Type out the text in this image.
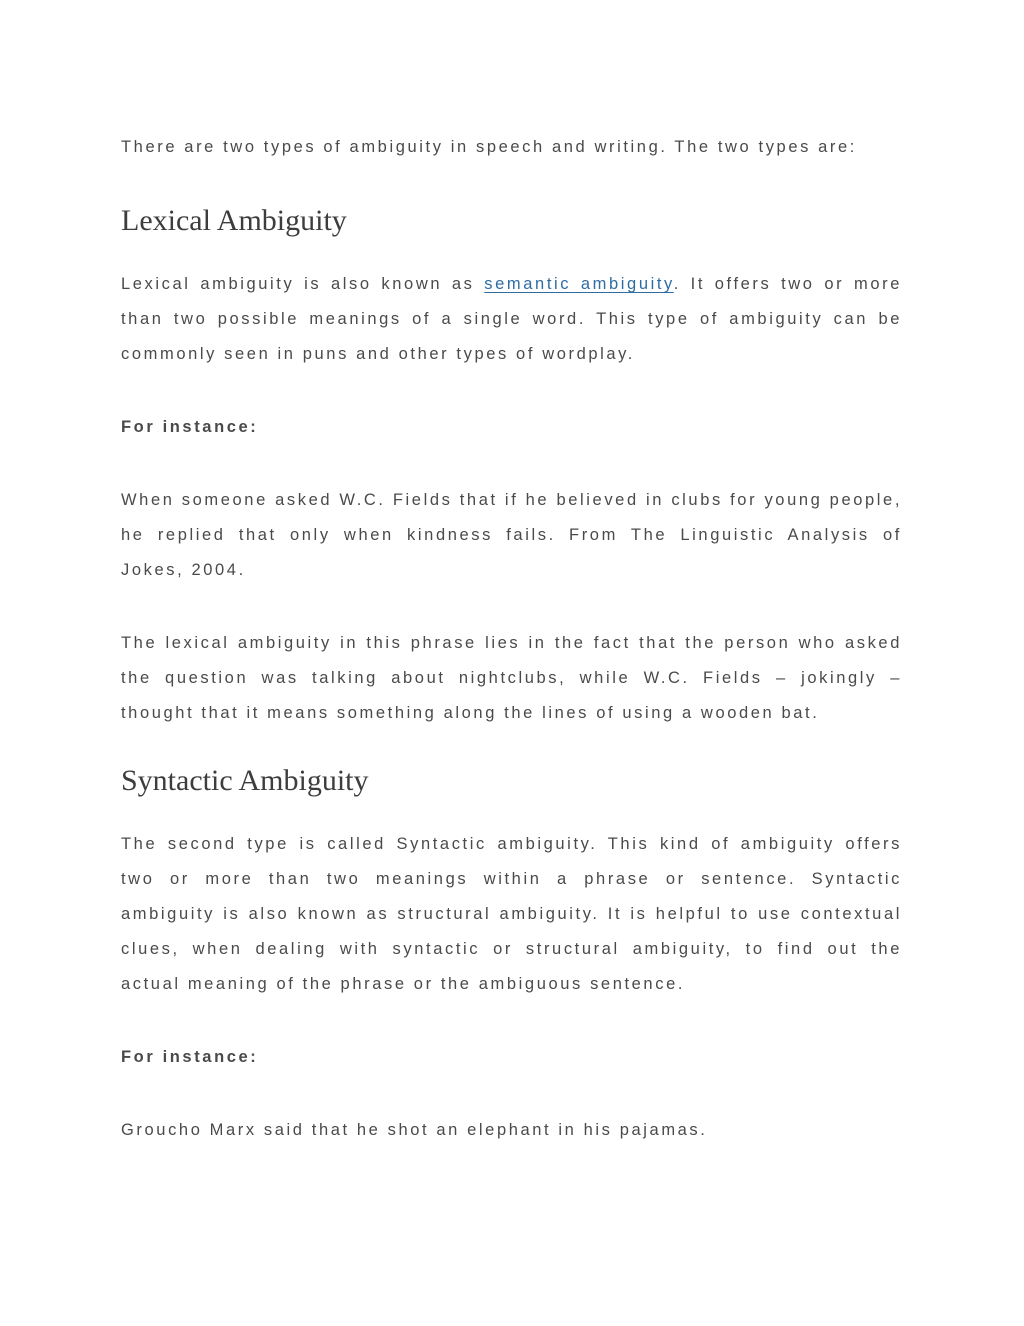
There are two types of ambiguity in speech and writing. The two types are:

Lexical Ambiguity

Lexical ambiguity is also known as semantic ambiguity. It offers two or more than two possible meanings of a single word. This type of ambiguity can be commonly seen in puns and other types of wordplay.

For instance:

When someone asked W.C. Fields that if he believed in clubs for young people, he replied that only when kindness fails. From The Linguistic Analysis of Jokes, 2004.

The lexical ambiguity in this phrase lies in the fact that the person who asked the question was talking about nightclubs, while W.C. Fields – jokingly – thought that it means something along the lines of using a wooden bat.

Syntactic Ambiguity

The second type is called Syntactic ambiguity. This kind of ambiguity offers two or more than two meanings within a phrase or sentence. Syntactic ambiguity is also known as structural ambiguity. It is helpful to use contextual clues, when dealing with syntactic or structural ambiguity, to find out the actual meaning of the phrase or the ambiguous sentence.

For instance:

Groucho Marx said that he shot an elephant in his pajamas.
